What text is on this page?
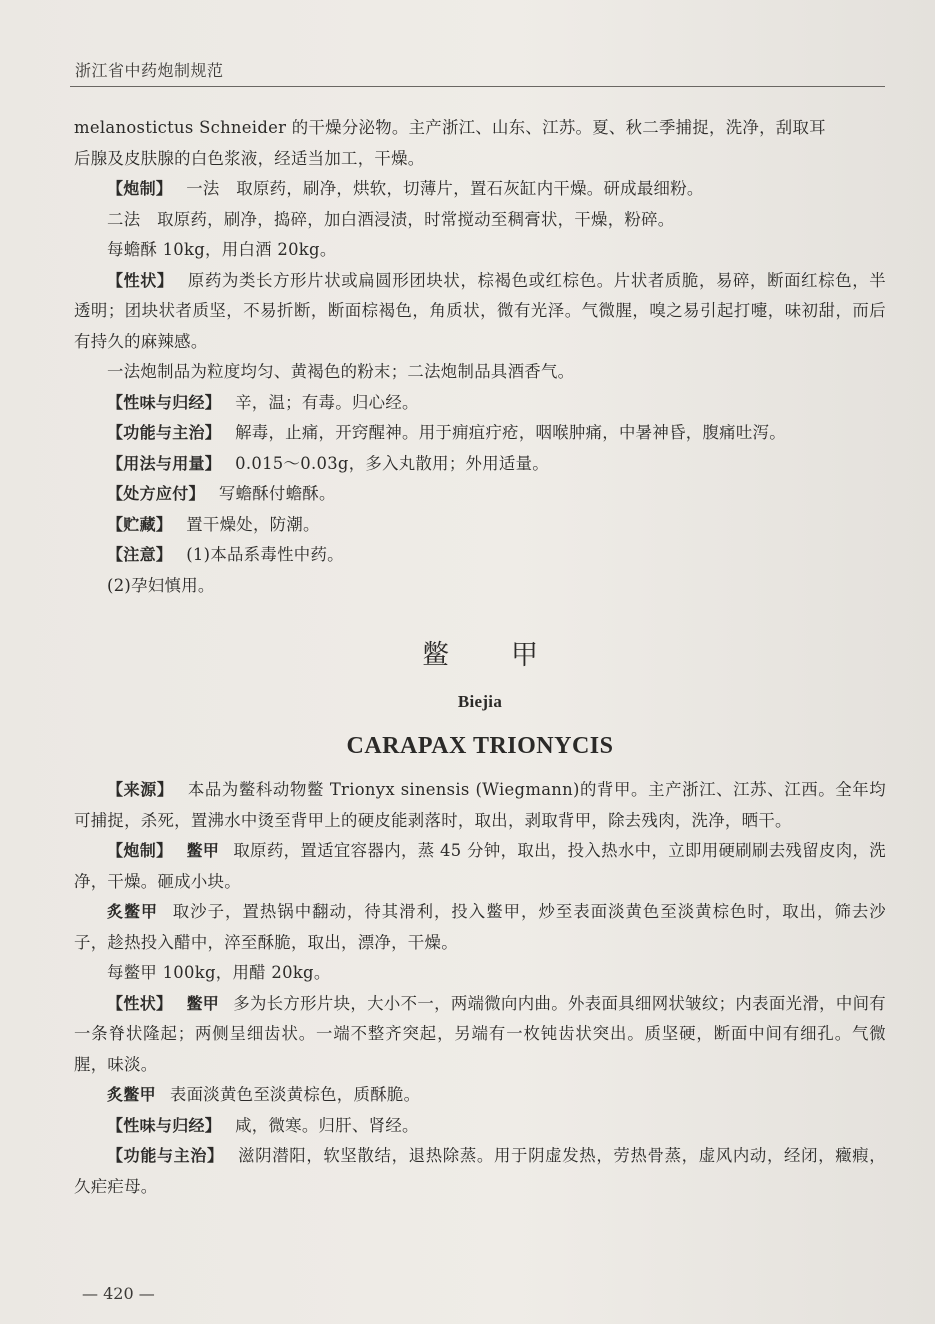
浙江省中药炮制规范

melanostictus Schneider 的干燥分泌物。主产浙江、山东、江苏。夏、秋二季捕捉，洗净，刮取耳

后腺及皮肤腺的白色浆液，经适当加工，干燥。

【炮制】 一法　取原药，刷净，烘软，切薄片，置石灰缸内干燥。研成最细粉。

二法　取原药，刷净，捣碎，加白酒浸渍，时常搅动至稠膏状，干燥，粉碎。

每蟾酥 10kg，用白酒 20kg。

【性状】 原药为类长方形片状或扁圆形团块状，棕褐色或红棕色。片状者质脆，易碎，断面红棕色，半透明；团块状者质坚，不易折断，断面棕褐色，角质状，微有光泽。气微腥，嗅之易引起打嚏，味初甜，而后有持久的麻辣感。

一法炮制品为粒度均匀、黄褐色的粉末；二法炮制品具酒香气。

【性味与归经】 辛，温；有毒。归心经。

【功能与主治】 解毒，止痛，开窍醒神。用于痈疽疔疮，咽喉肿痛，中暑神昏，腹痛吐泻。

【用法与用量】 0.015～0.03g，多入丸散用；外用适量。

【处方应付】 写蟾酥付蟾酥。

【贮藏】 置干燥处，防潮。

【注意】 (1)本品系毒性中药。

(2)孕妇慎用。

鳖甲
Biejia
CARAPAX TRIONYCIS

【来源】 本品为鳖科动物鳖 Trionyx sinensis (Wiegmann)的背甲。主产浙江、江苏、江西。全年均可捕捉，杀死，置沸水中烫至背甲上的硬皮能剥落时，取出，剥取背甲，除去残肉，洗净，晒干。

【炮制】 鳖甲 取原药，置适宜容器内，蒸 45 分钟，取出，投入热水中，立即用硬刷刷去残留皮肉，洗净，干燥。砸成小块。

炙鳖甲 取沙子，置热锅中翻动，待其滑利，投入鳖甲，炒至表面淡黄色至淡黄棕色时，取出，筛去沙子，趁热投入醋中，淬至酥脆，取出，漂净，干燥。

每鳖甲 100kg，用醋 20kg。

【性状】 鳖甲 多为长方形片块，大小不一，两端微向内曲。外表面具细网状皱纹；内表面光滑，中间有一条脊状隆起；两侧呈细齿状。一端不整齐突起，另端有一枚钝齿状突出。质坚硬，断面中间有细孔。气微腥，味淡。

炙鳖甲 表面淡黄色至淡黄棕色，质酥脆。

【性味与归经】 咸，微寒。归肝、肾经。

【功能与主治】 滋阴潜阳，软坚散结，退热除蒸。用于阴虚发热，劳热骨蒸，虚风内动，经闭，癥瘕，久疟疟母。

— 420 —
